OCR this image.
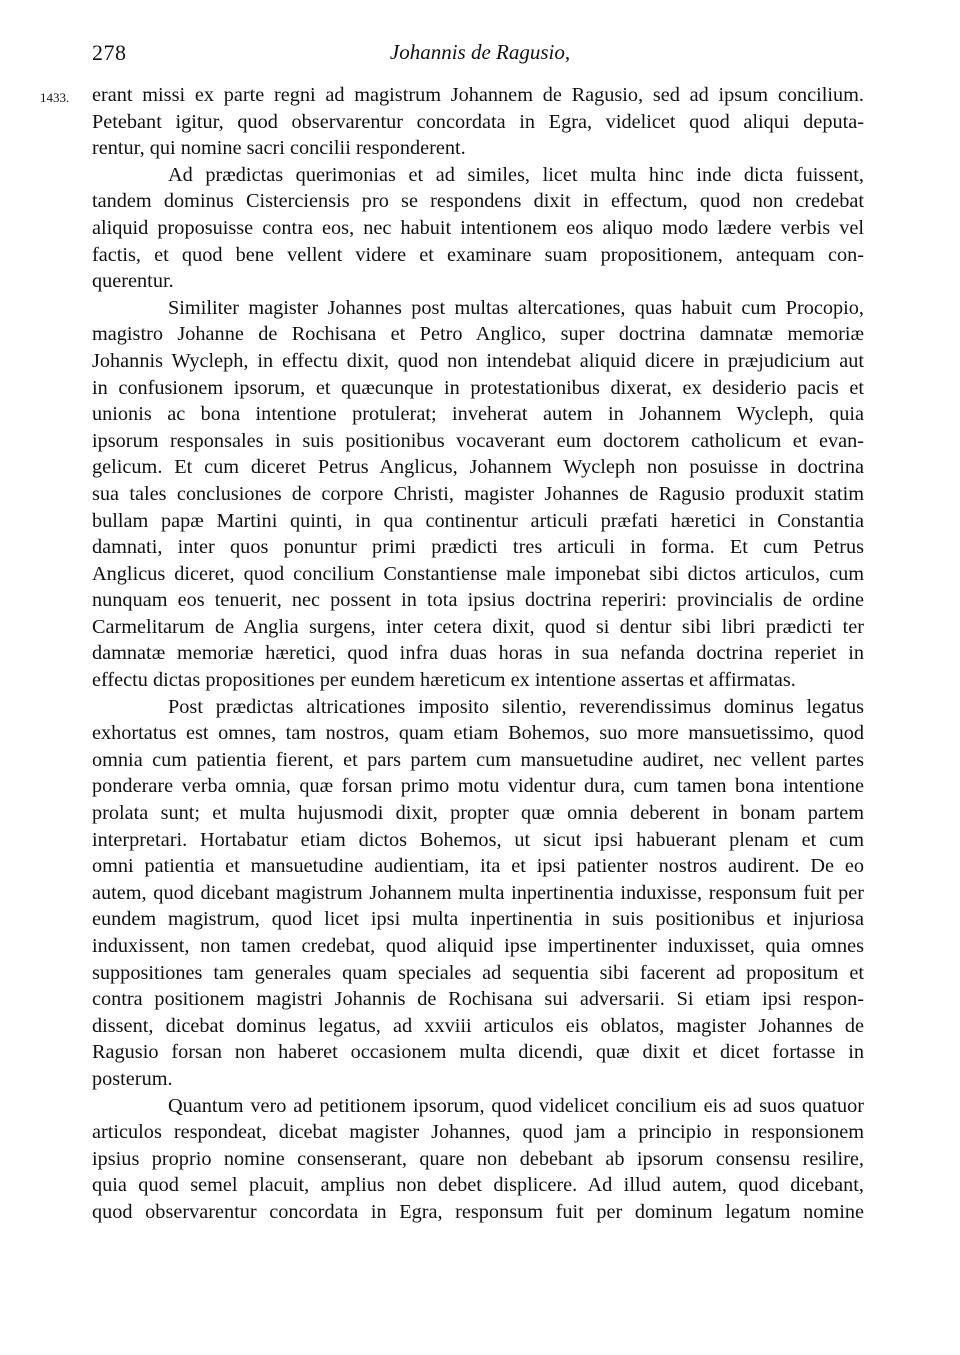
278	Johannis de Ragusio,
1433. erant missi ex parte regni ad magistrum Johannem de Ragusio, sed ad ipsum concilium.
Petebant igitur, quod observarentur concordata in Egra, videlicet quod aliqui deputa-
rentur, qui nomine sacri concilii responderent.
Ad prædictas querimonias et ad similes, licet multa hinc inde dicta fuissent,
tandem dominus Cisterciensis pro se respondens dixit in effectum, quod non credebat
aliquid proposuisse contra eos, nec habuit intentionem eos aliquo modo lædere verbis vel
factis, et quod bene vellent videre et examinare suam propositionem, antequam con-
querentur.
Similiter magister Johannes post multas altercationes, quas habuit cum Procopio,
magistro Johanne de Rochisana et Petro Anglico, super doctrina damnatæ memoriæ
Johannis Wycleph, in effectu dixit, quod non intendebat aliquid dicere in præjudicium aut
in confusionem ipsorum, et quæcunque in protestationibus dixerat, ex desiderio pacis et
unionis ac bona intentione protulerat; inveherat autem in Johannem Wycleph, quia
ipsorum responsales in suis positionibus vocaverant eum doctorem catholicum et evan-
gelicum. Et cum diceret Petrus Anglicus, Johannem Wycleph non posuisse in doctrina
sua tales conclusiones de corpore Christi, magister Johannes de Ragusio produxit statim
bullam papæ Martini quinti, in qua continentur articuli præfati hæretici in Constantia
damnati, inter quos ponuntur primi prædicti tres articuli in forma. Et cum Petrus
Anglicus diceret, quod concilium Constantiense male imponebat sibi dictos articulos, cum
nunquam eos tenuerit, nec possent in tota ipsius doctrina reperiri: provincialis de ordine
Carmelitarum de Anglia surgens, inter cetera dixit, quod si dentur sibi libri prædicti ter
damnatæ memoriæ hæretici, quod infra duas horas in sua nefanda doctrina reperiet in
effectu dictas propositiones per eundem hæreticum ex intentione assertas et affirmatas.
Post prædictas altricationes imposito silentio, reverendissimus dominus legatus
exhortatus est omnes, tam nostros, quam etiam Bohemos, suo more mansuetissimo, quod
omnia cum patientia fierent, et pars partem cum mansuetudine audiret, nec vellent partes
ponderare verba omnia, quæ forsan primo motu videntur dura, cum tamen bona intentione
prolata sunt; et multa hujusmodi dixit, propter quæ omnia deberent in bonam partem
interpretari. Hortabatur etiam dictos Bohemos, ut sicut ipsi habuerant plenam et cum
omni patientia et mansuetudine audientiam, ita et ipsi patienter nostros audirent. De eo
autem, quod dicebant magistrum Johannem multa inpertinentia induxisse, responsum fuit per
eundem magistrum, quod licet ipsi multa inpertinentia in suis positionibus et injuriosa
induxissent, non tamen credebat, quod aliquid ipse impertinenter induxisset, quia omnes
suppositiones tam generales quam speciales ad sequentia sibi facerent ad propositum et
contra positionem magistri Johannis de Rochisana sui adversarii. Si etiam ipsi respon-
dissent, dicebat dominus legatus, ad xxviii articulos eis oblatos, magister Johannes de
Ragusio forsan non haberet occasionem multa dicendi, quæ dixit et dicet fortasse in
posterum.
Quantum vero ad petitionem ipsorum, quod videlicet concilium eis ad suos quatuor
articulos respondeat, dicebat magister Johannes, quod jam a principio in responsionem
ipsius proprio nomine consenserant, quare non debebant ab ipsorum consensu resilire,
quia quod semel placuit, amplius non debet displicere. Ad illud autem, quod dicebant,
quod observarentur concordata in Egra, responsum fuit per dominum legatum nomine
